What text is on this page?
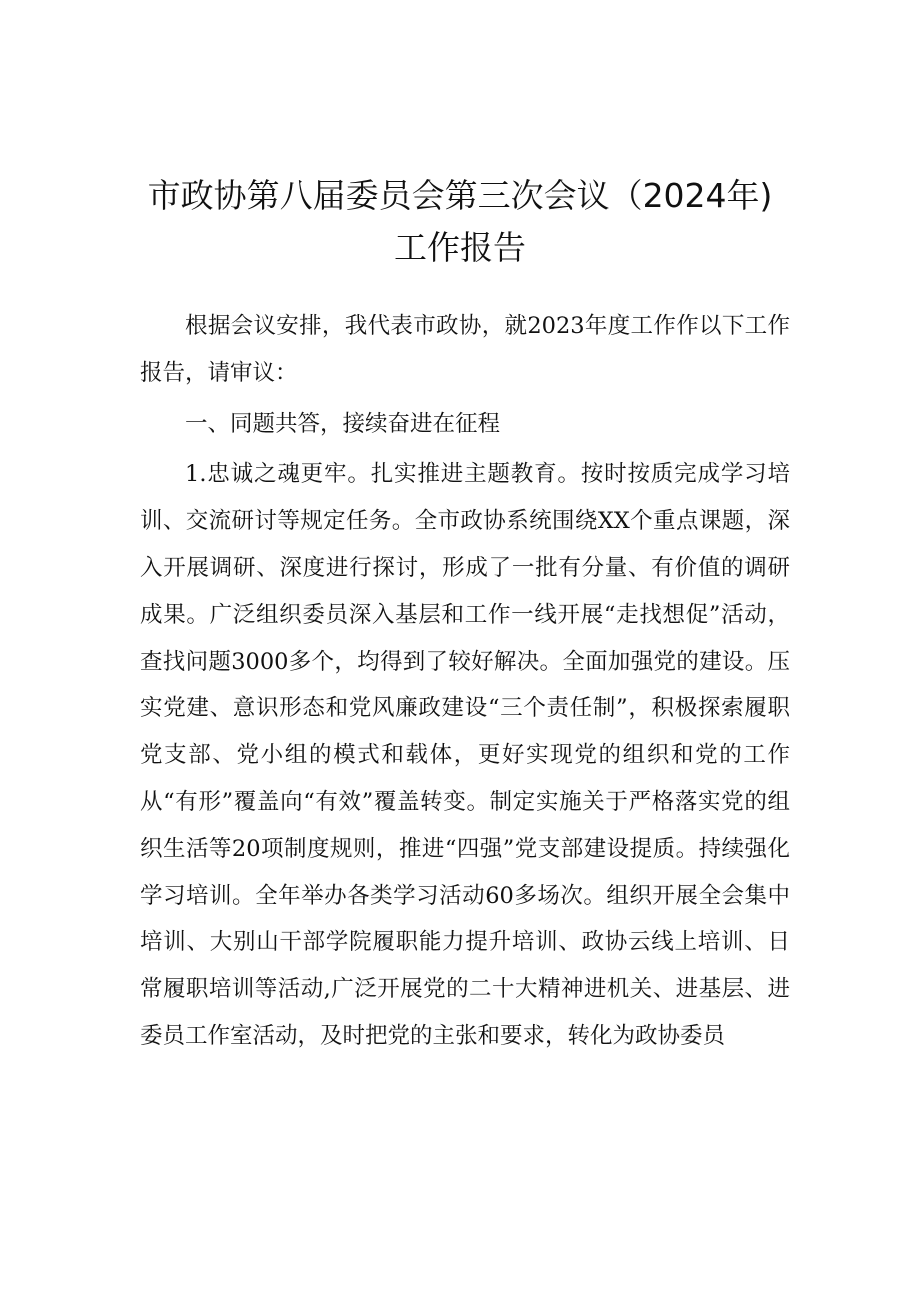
市政协第八届委员会第三次会议（2024年)
工作报告

根据会议安排，我代表市政协，就2023年度工作作以下工作报告，请审议：

一、同题共答，接续奋进在征程

1.忠诚之魂更牢。扎实推进主题教育。按时按质完成学习培训、交流研讨等规定任务。全市政协系统围绕XX个重点课题，深入开展调研、深度进行探讨，形成了一批有分量、有价值的调研成果。广泛组织委员深入基层和工作一线开展“走找想促”活动，查找问题3000多个，均得到了较好解决。全面加强党的建设。压实党建、意识形态和党风廉政建设“三个责任制”，积极探索履职党支部、党小组的模式和载体，更好实现党的组织和党的工作从“有形”覆盖向“有效”覆盖转变。制定实施关于严格落实党的组织生活等20项制度规则，推进“四强”党支部建设提质。持续强化学习培训。全年举办各类学习活动60多场次。组织开展全会集中培训、大别山干部学院履职能力提升培训、政协云线上培训、日常履职培训等活动,广泛开展党的二十大精神进机关、进基层、进委员工作室活动，及时把党的主张和要求，转化为政协委员
